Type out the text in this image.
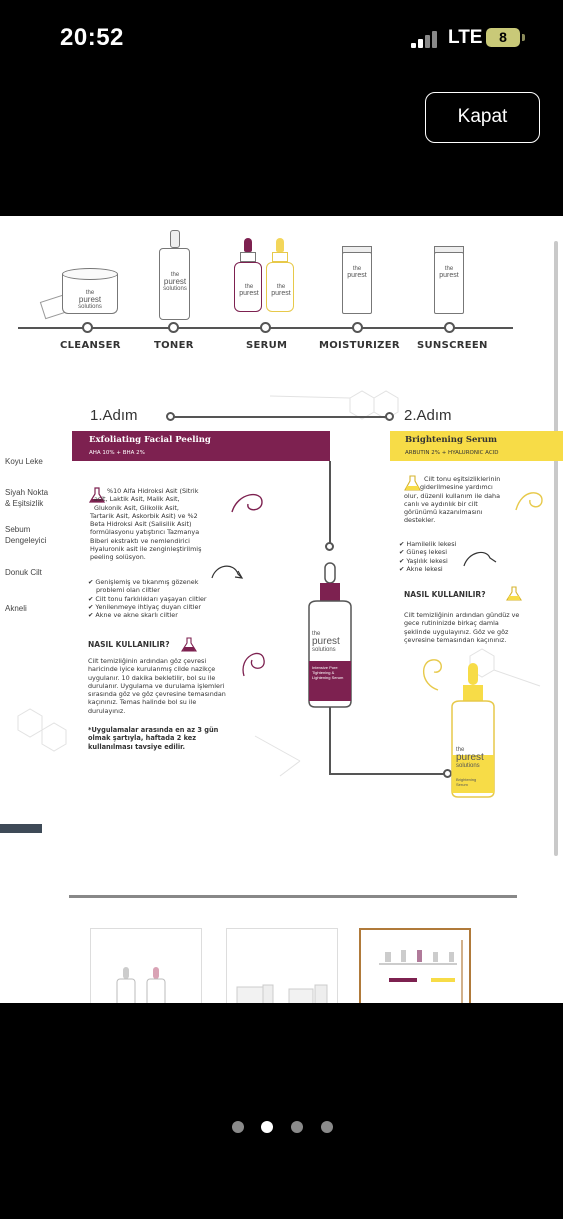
20:52	LTE	8
Kapat
the
purest
solutions
the
purest
solutions	the
purest
the
purest
the
purest
the
purest
CLEANSER	TONER	SERUM	MOISTURIZER SUNSCREEN
1.Adım	2.Adım
Exfoliating Facial Peeling
AHA 10% + BHA 2%
Brightening Serum
ARBUTIN 2% + HYALURONIC ACID
Koyu Leke
Siyah Nokta
& Eşitsizlik
Sebum
Dengeleyici
Donuk Cilt
Akneli
%10 Alfa Hidroksi Asit (Sitrik
asit, Laktik Asit, Malik Asit,
Glukonik Asit, Glikolik Asit,
Tartarik Asit, Askorbik Asit) ve %2
Beta Hidroksi Asit (Salisilik Asit)
formülasyonu yatıştırıcı Tazmanya
Biberi ekstraktı ve nemlendirici
Hyaluronik asit ile zenginleştirilmiş
peeling solüsyon.
✔ Genişlemiş ve tıkanmış gözenek
problemi olan ciltler
✔ Cilt tonu farklılıkları yaşayan ciltler
✔ Yenilenmeye ihtiyaç duyan ciltler
✔ Akne ve akne skarlı ciltler
NASIL KULLANILIR?
Cilt temizliğinin ardından göz çevresi
haricinde iyice kurulanmış cilde nazikçe
uygulanır. 10 dakika bekletilir, bol su ile
durulanır. Uygulama ve durulama işlemleri
sırasında göz ve göz çevresine temasından
kaçınınız. Temas halinde bol su ile
durulayınız.
*Uygulamalar arasında en az 3 gün
olmak şartıyla, haftada 2 kez
kullanılması tavsiye edilir.
the
purest
solutions
Intensive Pore
Tightening &
Lightening Serum
Cilt tonu eşitsizliklerinin
giderilmesine yardımcı
olur, düzenli kullanım ile daha
canlı ve aydınlık bir cilt
görünümü kazanılmasını
destekler.
✔ Hamilelik lekesi
✔ Güneş lekesi
✔ Yaşlılık lekesi
✔ Akne lekesi
NASIL KULLANILIR?
Cilt temizliğinin ardından gündüz ve
gece rutininizde birkaç damla
şeklinde uygulayınız. Göz ve göz
çevresine temasından kaçınınız.
the
purest
solutions
Brightening
Serum
